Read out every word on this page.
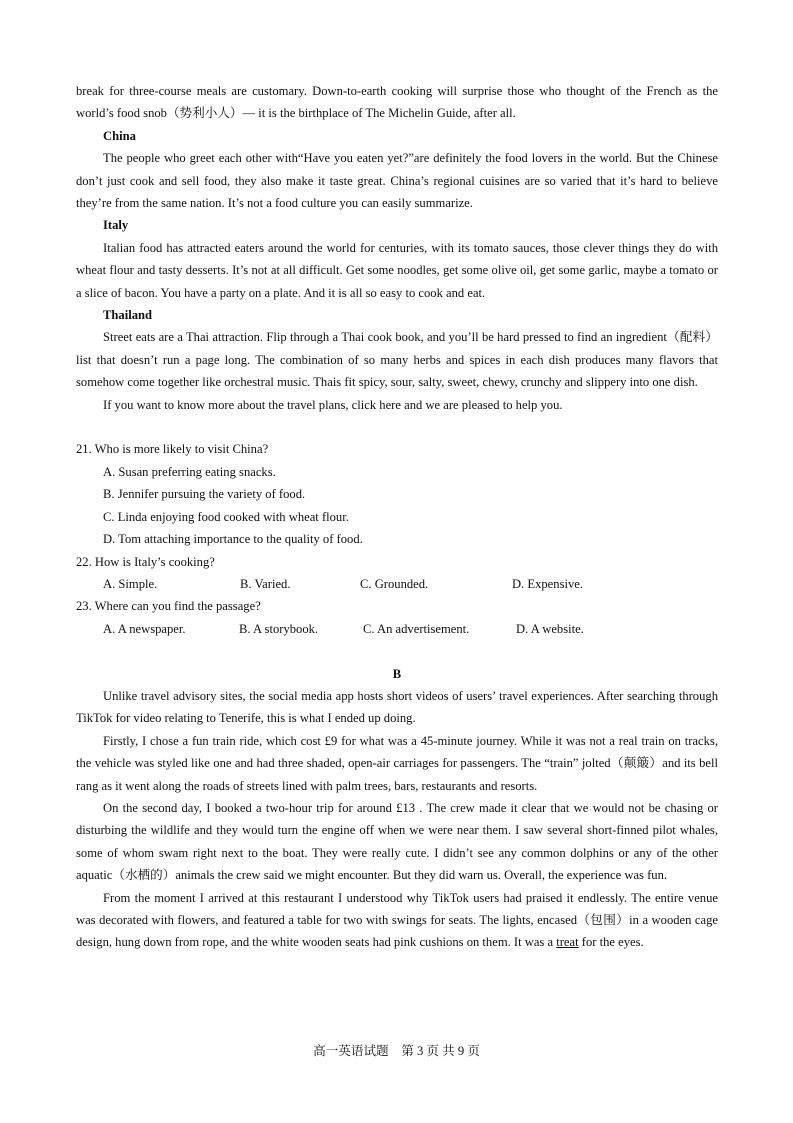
break for three-course meals are customary. Down-to-earth cooking will surprise those who thought of the French as the world’s food snob（势利小人）— it is the birthplace of The Michelin Guide, after all.

China

The people who greet each other with“Have you eaten yet?”are definitely the food lovers in the world. But the Chinese don’t just cook and sell food, they also make it taste great. China’s regional cuisines are so varied that it’s hard to believe they’re from the same nation. It’s not a food culture you can easily summarize.

Italy

Italian food has attracted eaters around the world for centuries, with its tomato sauces, those clever things they do with wheat flour and tasty desserts. It’s not at all difficult. Get some noodles, get some olive oil, get some garlic, maybe a tomato or a slice of bacon. You have a party on a plate. And it is all so easy to cook and eat.

Thailand

Street eats are a Thai attraction. Flip through a Thai cook book, and you’ll be hard pressed to find an ingredient（配料）list that doesn’t run a page long. The combination of so many herbs and spices in each dish produces many flavors that somehow come together like orchestral music. Thais fit spicy, sour, salty, sweet, chewy, crunchy and slippery into one dish.

If you want to know more about the travel plans, click here and we are pleased to help you.

21. Who is more likely to visit China?

A. Susan preferring eating snacks.

B. Jennifer pursuing the variety of food.

C. Linda enjoying food cooked with wheat flour.

D. Tom attaching importance to the quality of food.

22. How is Italy’s cooking?

A. Simple.	B. Varied.	C. Grounded.	D. Expensive.

23. Where can you find the passage?

A. A newspaper.	B. A storybook.	C. An advertisement.	D. A website.

B

Unlike travel advisory sites, the social media app hosts short videos of users’ travel experiences. After searching through TikTok for video relating to Tenerife, this is what I ended up doing.

Firstly, I chose a fun train ride, which cost £9 for what was a 45-minute journey. While it was not a real train on tracks, the vehicle was styled like one and had three shaded, open-air carriages for passengers. The “train” jolted（颠簸）and its bell rang as it went along the roads of streets lined with palm trees, bars, restaurants and resorts.

On the second day, I booked a two-hour trip for around £13 . The crew made it clear that we would not be chasing or disturbing the wildlife and they would turn the engine off when we were near them. I saw several short-finned pilot whales, some of whom swam right next to the boat. They were really cute. I didn’t see any common dolphins or any of the other aquatic（水栖的）animals the crew said we might encounter. But they did warn us. Overall, the experience was fun.

From the moment I arrived at this restaurant I understood why TikTok users had praised it endlessly. The entire venue was decorated with flowers, and featured a table for two with swings for seats. The lights, encased（包围）in a wooden cage design, hung down from rope, and the white wooden seats had pink cushions on them. It was a treat for the eyes.

高一英语试题　第 3 页 共 9 页
